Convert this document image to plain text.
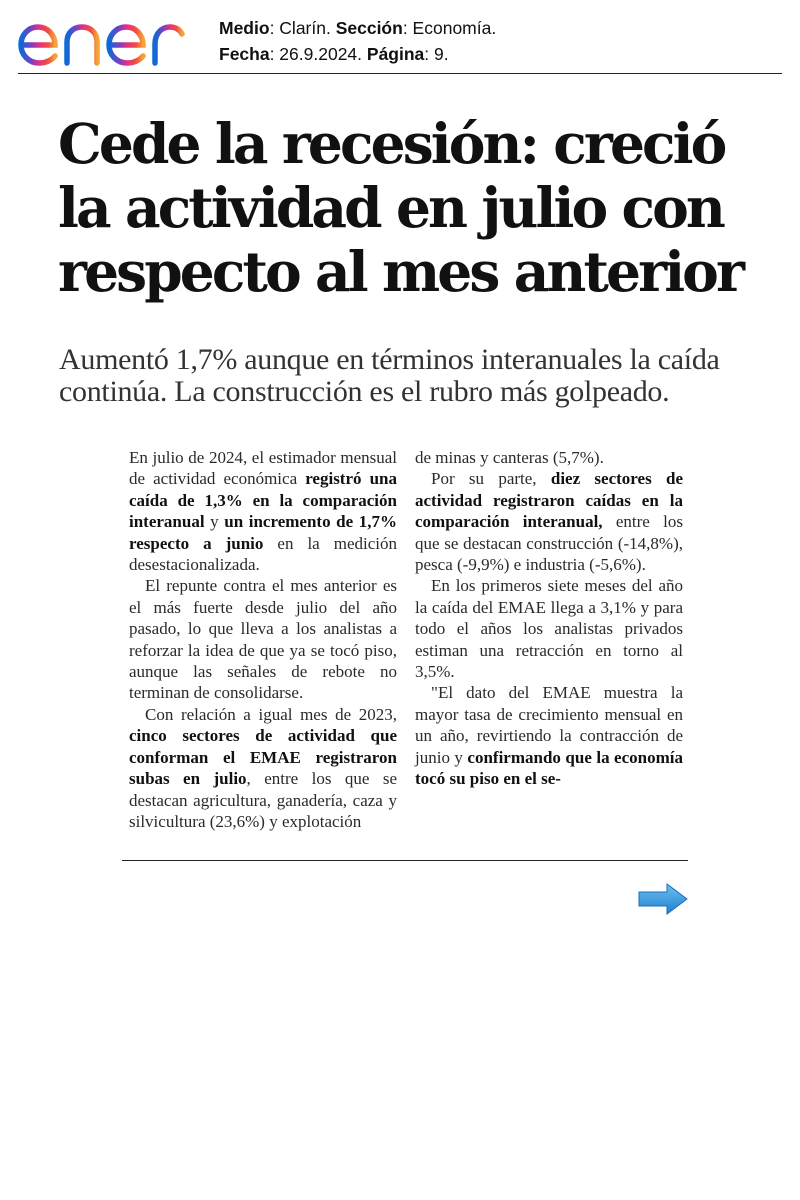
Medio: Clarín. Sección: Economía.
Fecha: 26.9.2024. Página: 9.
Cede la recesión: creció la actividad en julio con respecto al mes anterior

Aumentó 1,7% aunque en términos interanuales la caída continúa. La construcción es el rubro más golpeado.

En julio de 2024, el estimador mensual de actividad económica registró una caída de 1,3% en la comparación interanual y un incremento de 1,7% respecto a junio en la medición desestacionalizada.

El repunte contra el mes anterior es el más fuerte desde julio del año pasado, lo que lleva a los analistas a reforzar la idea de que ya se tocó piso, aunque las señales de rebote no terminan de consolidarse.

Con relación a igual mes de 2023, cinco sectores de actividad que conforman el EMAE registraron subas en julio, entre los que se destacan agricultura, ganadería, caza y silvicultura (23,6%) y explotación

de minas y canteras (5,7%).

Por su parte, diez sectores de actividad registraron caídas en la comparación interanual, entre los que se destacan construcción (-14,8%), pesca (-9,9%) e industria (-5,6%).

En los primeros siete meses del año la caída del EMAE llega a 3,1% y para todo el años los analistas privados estiman una retracción en torno al 3,5%.

"El dato del EMAE muestra la mayor tasa de crecimiento mensual en un año, revirtiendo la contracción de junio y confirmando que la economía tocó su piso en el se-
